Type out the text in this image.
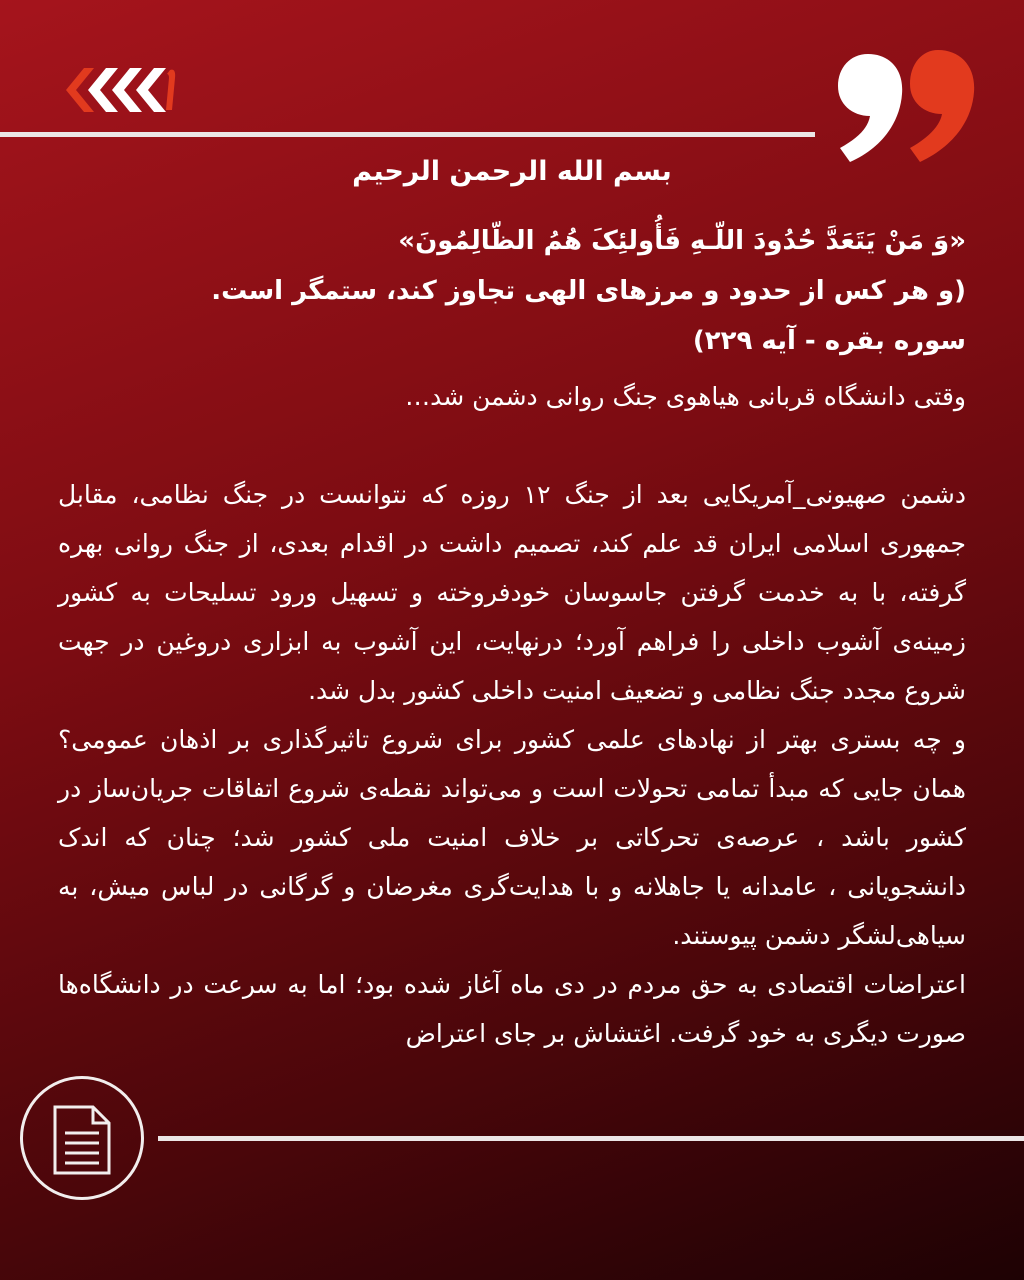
بسم الله الرحمن الرحیم
«وَ مَنْ یَتَعَدَّ حُدُودَ اللّـهِ فَأُولئِکَ هُمُ الظّالِمُونَ»
(و هر کس از حدود و مرزهای الهی تجاوز کند، ستمگر است.
سوره بقره - آیه ۲۲۹)

وقتی دانشگاه قربانی هیاهوی جنگ روانی دشمن شد…

دشمن صهیونی_آمریکایی بعد از جنگ ۱۲ روزه که نتوانست در جنگ نظامی، مقابل جمهوری اسلامی ایران قد علم کند، تصمیم داشت در اقدام بعدی، از جنگ روانی بهره گرفته، با به خدمت گرفتن جاسوسان خودفروخته و تسهیل ورود تسلیحات به کشور زمینه‌ی آشوب داخلی را فراهم آورد؛ درنهایت، این آشوب به ابزاری دروغین در جهت شروع مجدد جنگ نظامی و تضعیف امنیت داخلی کشور بدل شد.

و چه بستری بهتر از نهادهای علمی کشور برای شروع تاثیرگذاری بر اذهان عمومی؟ همان جایی که مبدأ تمامی تحولات است و می‌تواند نقطه‌ی شروع اتفاقات جریان‌ساز در کشور باشد ، عرصه‌ی تحرکاتی بر خلاف امنیت ملی کشور شد؛ چنان که اندک دانشجویانی ، عامدانه یا جاهلانه و با هدایت‌گری مغرضان و گرگانی در لباس میش، به سیاهی‌لشگر دشمن پیوستند.

اعتراضات اقتصادی به حق مردم در دی ماه آغاز شده بود؛ اما به سرعت در دانشگاه‌ها صورت دیگری به خود گرفت. اغتشاش بر جای اعتراض
